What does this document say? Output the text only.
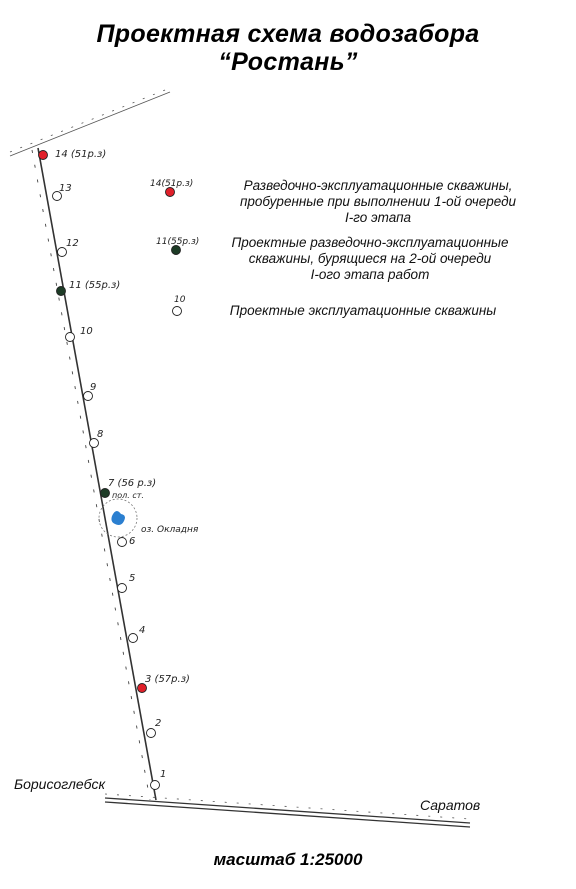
14 (51р.з)
13
12
11 (55р.з)
10
9
8
7 (56 р.з)
6
5
4
3 (57р.з)
2
1
14(51р.з)
11(55р.з)
10
оз. Окладня
пол. ст.
Проектная схема водозабора
“Ростань”
Разведочно-эксплуатационные скважины,
пробуренные при выполнении 1-ой очереди
I-го этапа
Проектные разведочно-эксплуатационные
скважины, бурящиеся на 2-ой очереди
I-ого этапа работ
Проектные эксплуатационные скважины
Борисоглебск
Саратов
масштаб 1:25000
